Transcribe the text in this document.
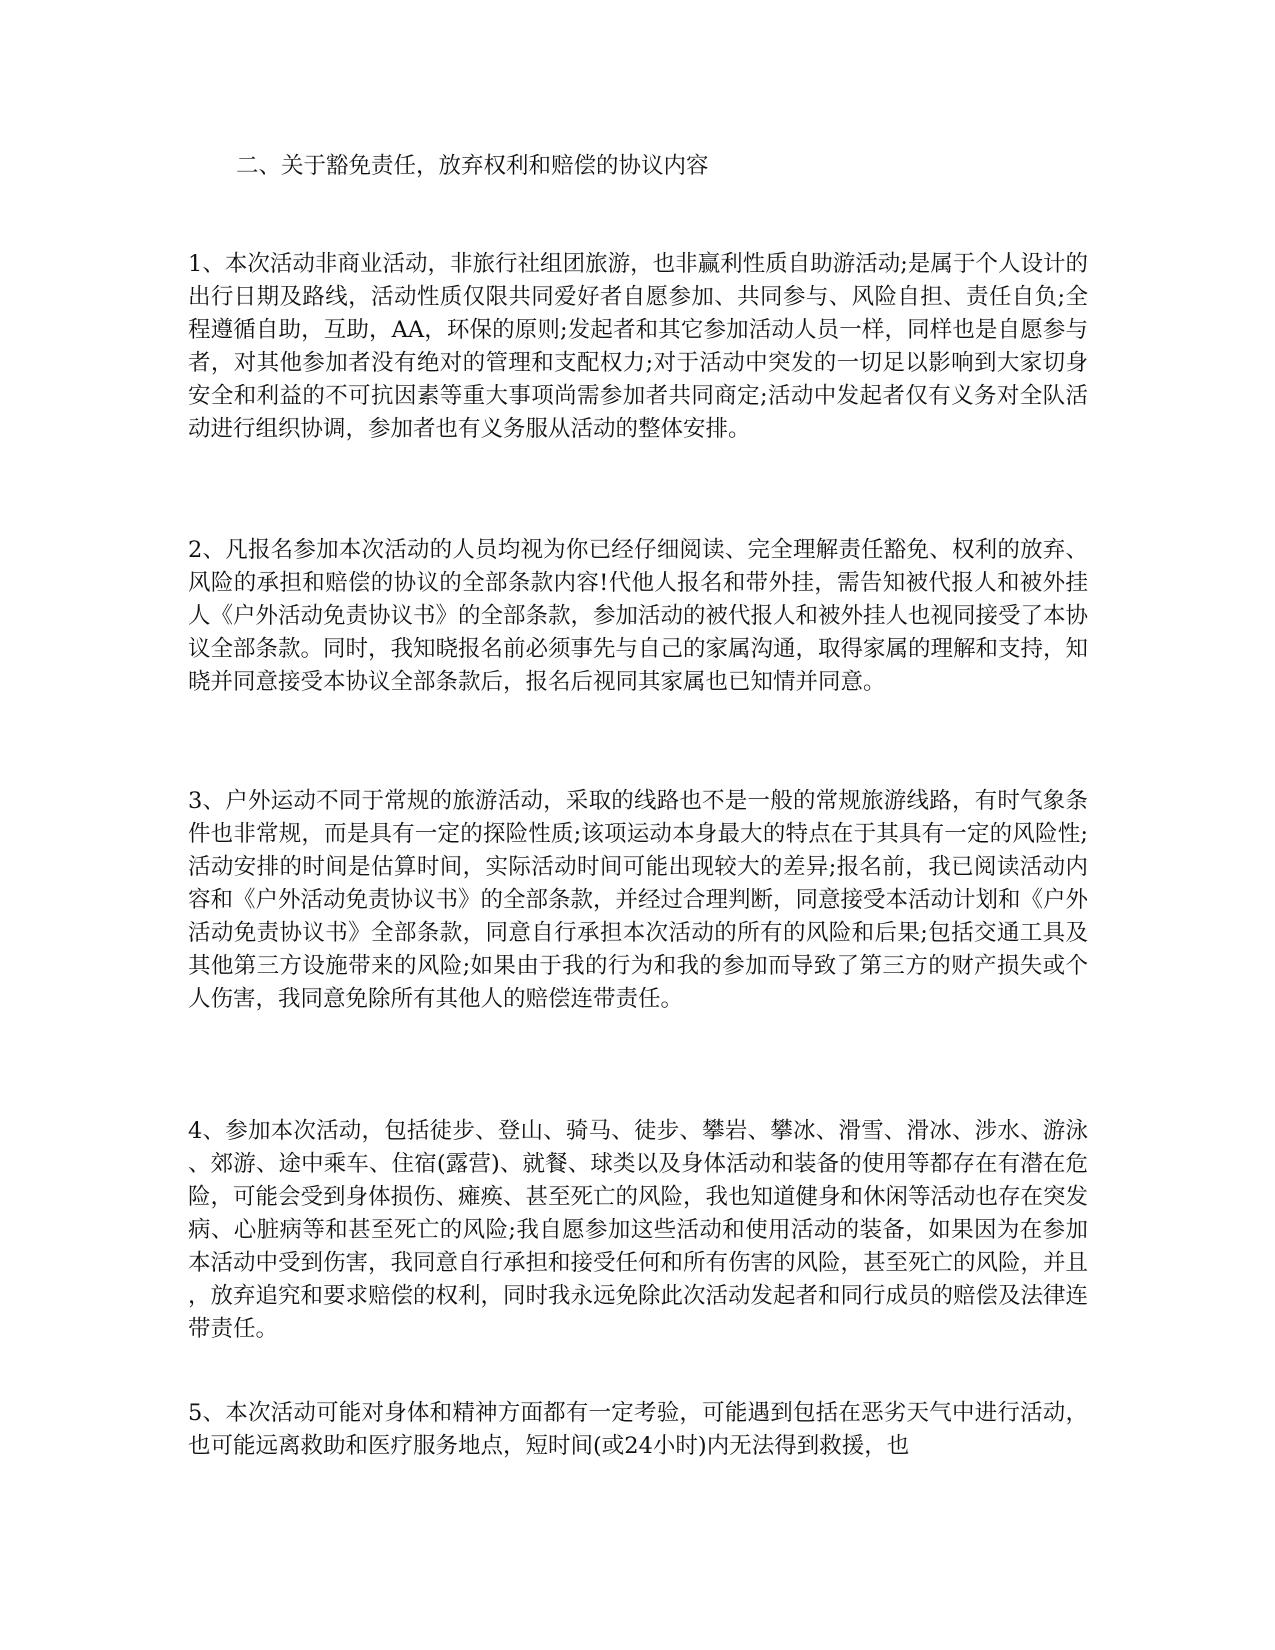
二、关于豁免责任，放弃权利和赔偿的协议内容

1、本次活动非商业活动，非旅行社组团旅游，也非赢利性质自助游活动;是属于个人设计的出行日期及路线，活动性质仅限共同爱好者自愿参加、共同参与、风险自担、责任自负;全程遵循自助，互助，AA，环保的原则;发起者和其它参加活动人员一样，同样也是自愿参与者，对其他参加者没有绝对的管理和支配权力;对于活动中突发的一切足以影响到大家切身安全和利益的不可抗因素等重大事项尚需参加者共同商定;活动中发起者仅有义务对全队活动进行组织协调，参加者也有义务服从活动的整体安排。

2、凡报名参加本次活动的人员均视为你已经仔细阅读、完全理解责任豁免、权利的放弃、风险的承担和赔偿的协议的全部条款内容!代他人报名和带外挂，需告知被代报人和被外挂人《户外活动免责协议书》的全部条款，参加活动的被代报人和被外挂人也视同接受了本协议全部条款。同时，我知晓报名前必须事先与自己的家属沟通，取得家属的理解和支持，知晓并同意接受本协议全部条款后，报名后视同其家属也已知情并同意。

3、户外运动不同于常规的旅游活动，采取的线路也不是一般的常规旅游线路，有时气象条件也非常规，而是具有一定的探险性质;该项运动本身最大的特点在于其具有一定的风险性;活动安排的时间是估算时间，实际活动时间可能出现较大的差异;报名前，我已阅读活动内容和《户外活动免责协议书》的全部条款，并经过合理判断，同意接受本活动计划和《户外活动免责协议书》全部条款，同意自行承担本次活动的所有的风险和后果;包括交通工具及其他第三方设施带来的风险;如果由于我的行为和我的参加而导致了第三方的财产损失或个人伤害，我同意免除所有其他人的赔偿连带责任。

4、参加本次活动，包括徒步、登山、骑马、徒步、攀岩、攀冰、滑雪、滑冰、涉水、游泳、郊游、途中乘车、住宿(露营)、就餐、球类以及身体活动和装备的使用等都存在有潜在危险，可能会受到身体损伤、瘫痪、甚至死亡的风险，我也知道健身和休闲等活动也存在突发病、心脏病等和甚至死亡的风险;我自愿参加这些活动和使用活动的装备，如果因为在参加本活动中受到伤害，我同意自行承担和接受任何和所有伤害的风险，甚至死亡的风险，并且，放弃追究和要求赔偿的权利，同时我永远免除此次活动发起者和同行成员的赔偿及法律连带责任。

5、本次活动可能对身体和精神方面都有一定考验，可能遇到包括在恶劣天气中进行活动，也可能远离救助和医疗服务地点，短时间(或24小时)内无法得到救援，也
